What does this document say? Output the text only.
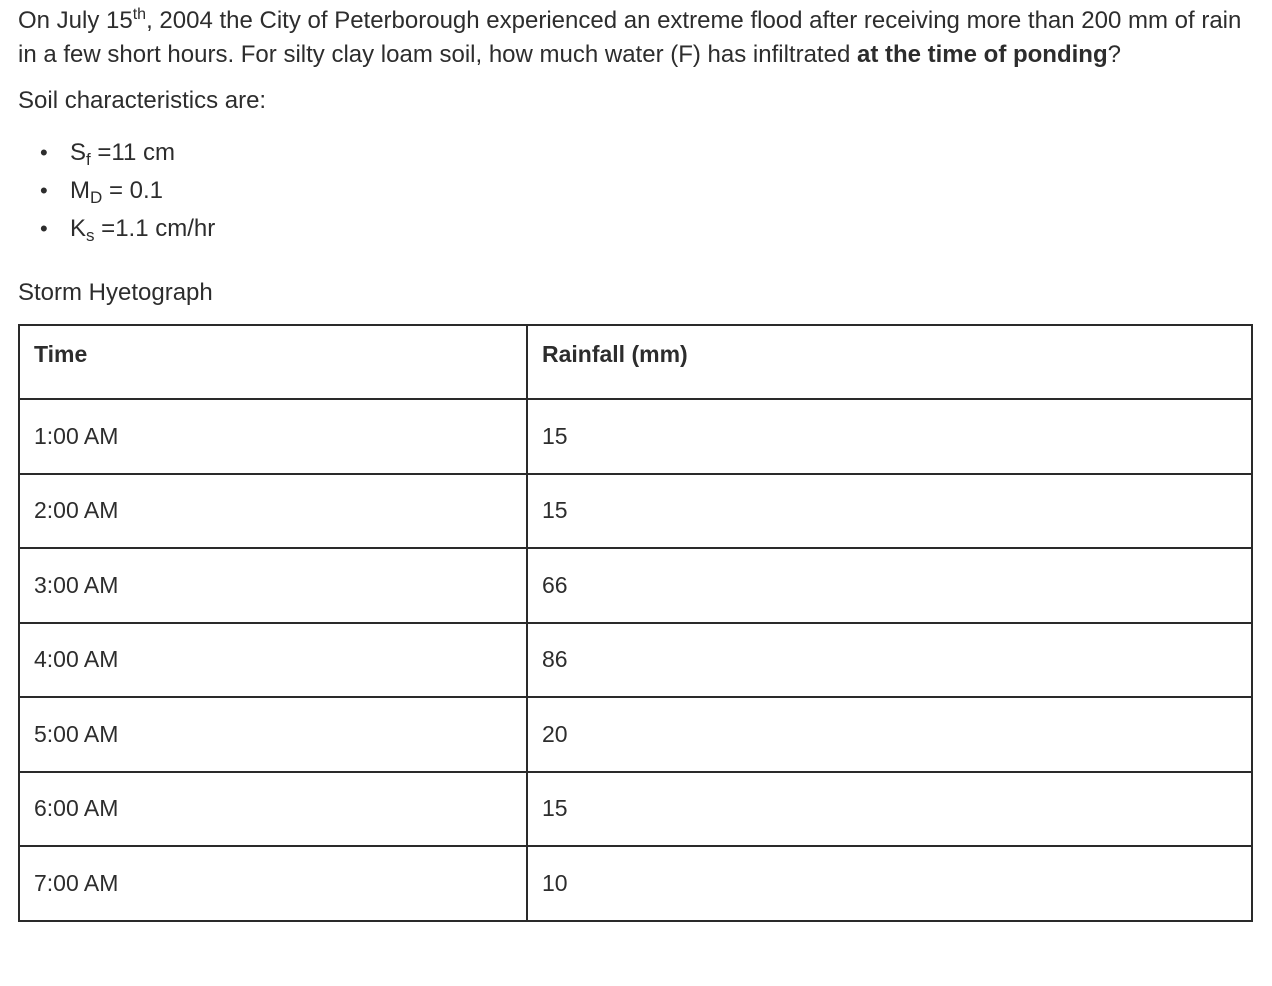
On July 15th, 2004 the City of Peterborough experienced an extreme flood after receiving more than 200 mm of rain in a few short hours. For silty clay loam soil, how much water (F) has infiltrated at the time of ponding?

Soil characteristics are:

• $S_f =11$ cm
• $M_D = 0.1$
• $K_s =1.1$ cm/hr

Storm Hyetograph

Time	Rainfall (mm)
1:00 AM	15
2:00 AM	15
3:00 AM	66
4:00 AM	86
5:00 AM	20
6:00 AM	15
7:00 AM	10
